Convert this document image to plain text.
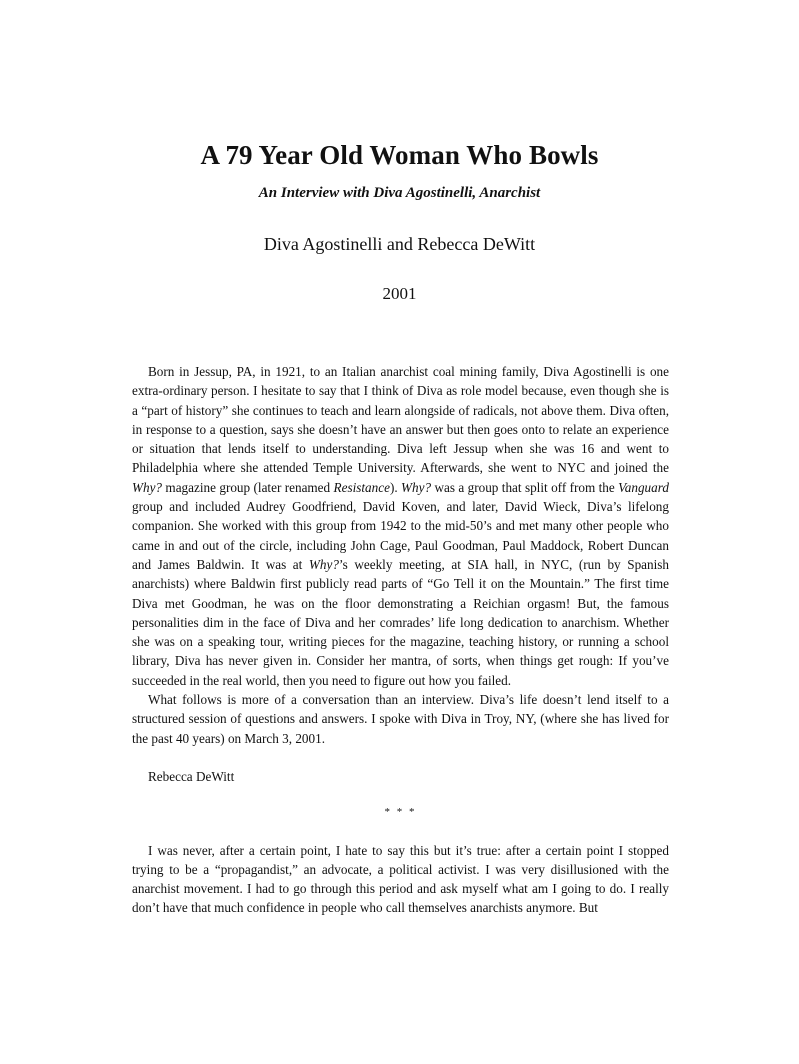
A 79 Year Old Woman Who Bowls
An Interview with Diva Agostinelli, Anarchist
Diva Agostinelli and Rebecca DeWitt
2001

Born in Jessup, PA, in 1921, to an Italian anarchist coal mining family, Diva Agostinelli is one extra-ordinary person. I hesitate to say that I think of Diva as role model because, even though she is a “part of history” she continues to teach and learn alongside of radicals, not above them. Diva often, in response to a question, says she doesn’t have an answer but then goes onto to relate an experience or situation that lends itself to understanding. Diva left Jessup when she was 16 and went to Philadelphia where she attended Temple University. Afterwards, she went to NYC and joined the Why? magazine group (later renamed Resistance). Why? was a group that split off from the Vanguard group and included Audrey Goodfriend, David Koven, and later, David Wieck, Diva’s lifelong companion. She worked with this group from 1942 to the mid-50’s and met many other people who came in and out of the circle, including John Cage, Paul Goodman, Paul Maddock, Robert Duncan and James Baldwin. It was at Why?’s weekly meeting, at SIA hall, in NYC, (run by Spanish anarchists) where Baldwin first publicly read parts of “Go Tell it on the Mountain.” The first time Diva met Goodman, he was on the floor demonstrating a Reichian orgasm! But, the famous personalities dim in the face of Diva and her comrades’ life long dedication to anarchism. Whether she was on a speaking tour, writing pieces for the magazine, teaching history, or running a school library, Diva has never given in. Consider her mantra, of sorts, when things get rough: If you’ve succeeded in the real world, then you need to figure out how you failed.

What follows is more of a conversation than an interview. Diva’s life doesn’t lend itself to a structured session of questions and answers. I spoke with Diva in Troy, NY, (where she has lived for the past 40 years) on March 3, 2001.

Rebecca DeWitt

* * *

I was never, after a certain point, I hate to say this but it’s true: after a certain point I stopped trying to be a “propagandist,” an advocate, a political activist. I was very disillusioned with the anarchist movement. I had to go through this period and ask myself what am I going to do. I really don’t have that much confidence in people who call themselves anarchists anymore. But
